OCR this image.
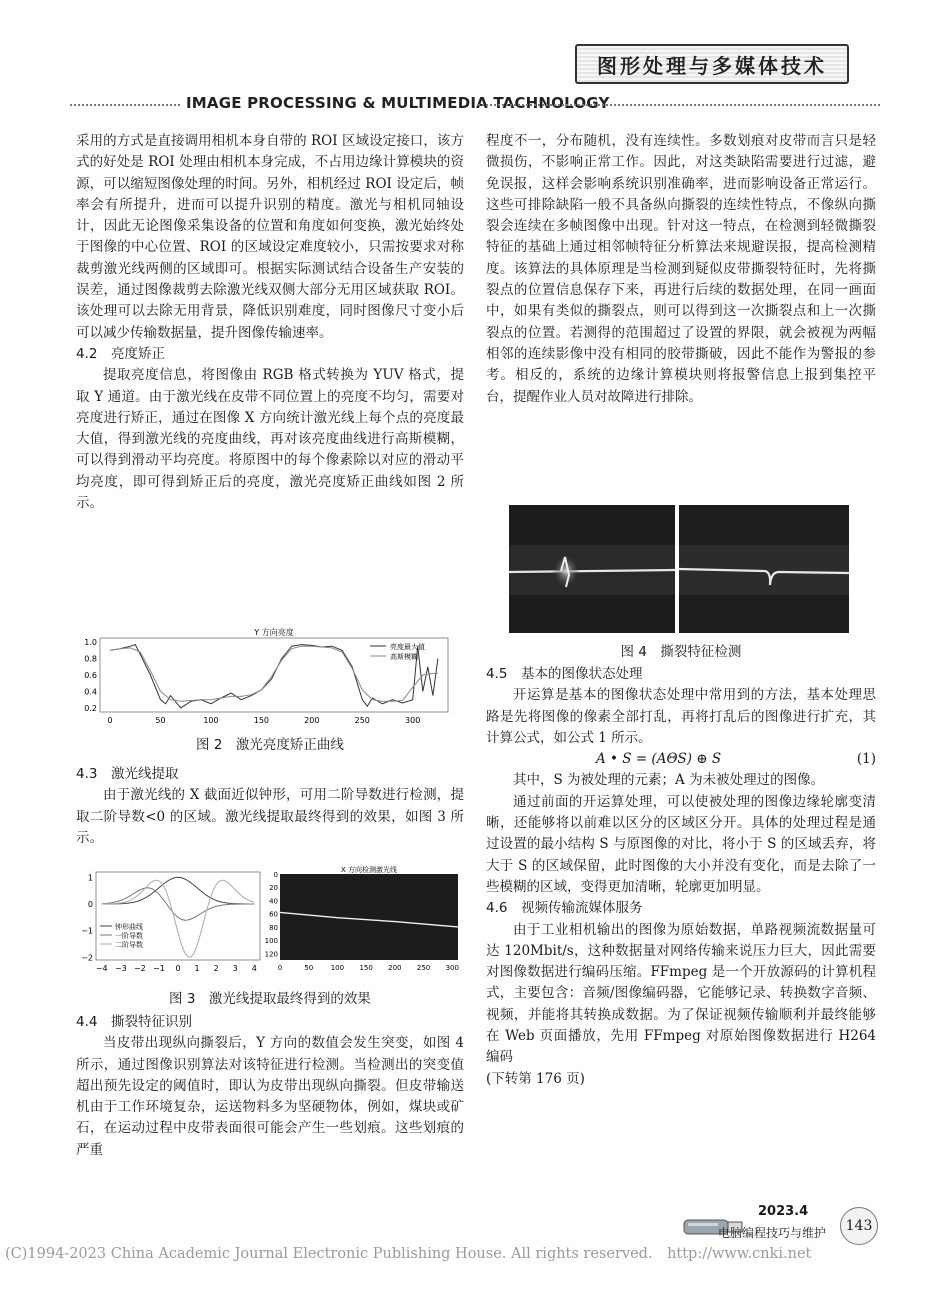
图形处理与多媒体技术
IMAGE PROCESSING & MULTIMEDIA TACHNOLOGY

采用的方式是直接调用相机本身自带的 ROI 区域设定接口，该方式的好处是 ROI 处理由相机本身完成，不占用边缘计算模块的资源，可以缩短图像处理的时间。另外，相机经过 ROI 设定后，帧率会有所提升，进而可以提升识别的精度。激光与相机同轴设计，因此无论图像采集设备的位置和角度如何变换，激光始终处于图像的中心位置、ROI 的区域设定难度较小，只需按要求对称裁剪激光线两侧的区域即可。根据实际测试结合设备生产安装的误差，通过图像裁剪去除激光线双侧大部分无用区域获取 ROI。该处理可以去除无用背景，降低识别难度，同时图像尺寸变小后可以减少传输数据量，提升图像传输速率。

4.2　亮度矫正

提取亮度信息，将图像由 RGB 格式转换为 YUV 格式，提取 Y 通道。由于激光线在皮带不同位置上的亮度不均匀，需要对亮度进行矫正，通过在图像 X 方向统计激光线上每个点的亮度最大值，得到激光线的亮度曲线，再对该亮度曲线进行高斯模糊，可以得到滑动平均亮度。将原图中的每个像素除以对应的滑动平均亮度，即可得到矫正后的亮度，激光亮度矫正曲线如图 2 所示。

Y 方向亮度
0	50	100	150	200	250	300
0.2
0.4
0.6
0.8
1.0	亮度最大值
高斯模糊
图 2　激光亮度矫正曲线
4.3　激光线提取

由于激光线的 X 截面近似钟形，可用二阶导数进行检测，提取二阶导数<0 的区域。激光线提取最终得到的效果，如图 3 所示。

−4 −3 −2 −1 0 1 2 3 4
1
0
−1
−2
钟形曲线
一阶导数
二阶导数
X 方向检测激光线
0	50	100 150 200 250 300
0
20
40
60
80
100
120
图 3　激光线提取最终得到的效果
4.4　撕裂特征识别

当皮带出现纵向撕裂后，Y 方向的数值会发生突变，如图 4 所示，通过图像识别算法对该特征进行检测。当检测出的突变值超出预先设定的阈值时，即认为皮带出现纵向撕裂。但皮带输送机由于工作环境复杂，运送物料多为坚硬物体，例如，煤块或矿石，在运动过程中皮带表面很可能会产生一些划痕。这些划痕的严重

程度不一，分布随机，没有连续性。多数划痕对皮带而言只是轻微损伤，不影响正常工作。因此，对这类缺陷需要进行过滤，避免误报，这样会影响系统识别准确率，进而影响设备正常运行。这些可排除缺陷一般不具备纵向撕裂的连续性特点，不像纵向撕裂会连续在多帧图像中出现。针对这一特点，在检测到轻微撕裂特征的基础上通过相邻帧特征分析算法来规避误报，提高检测精度。该算法的具体原理是当检测到疑似皮带撕裂特征时，先将撕裂点的位置信息保存下来，再进行后续的数据处理，在同一画面中，如果有类似的撕裂点，则可以得到这一次撕裂点和上一次撕裂点的位置。若测得的范围超过了设置的界限，就会被视为两幅相邻的连续影像中没有相同的胶带撕破，因此不能作为警报的参考。相反的，系统的边缘计算模块则将报警信息上报到集控平台，提醒作业人员对故障进行排除。

图 4　撕裂特征检测
4.5　基本的图像状态处理

开运算是基本的图像状态处理中常用到的方法，基本处理思路是先将图像的像素全部打乱，再将打乱后的图像进行扩充，其计算公式，如公式 1 所示。

A • S = (AΘS) ⊕ S	(1)

其中，S 为被处理的元素；A 为未被处理过的图像。

通过前面的开运算处理，可以使被处理的图像边缘轮廓变清晰，还能够将以前难以区分的区域区分开。具体的处理过程是通过设置的最小结构 S 与原图像的对比，将小于 S 的区域丢弃，将大于 S 的区域保留，此时图像的大小并没有变化，而是去除了一些模糊的区域，变得更加清晰，轮廓更加明显。

4.6　视频传输流媒体服务

由于工业相机输出的图像为原始数据，单路视频流数据量可达 120Mbit/s，这种数据量对网络传输来说压力巨大，因此需要对图像数据进行编码压缩。FFmpeg 是一个开放源码的计算机程式，主要包含：音频/图像编码器，它能够记录、转换数字音频、视频，并能将其转换成数据。为了保证视频传输顺利并最终能够在 Web 页面播放，先用 FFmpeg 对原始图像数据进行 H264 编码

(下转第 176 页)

2023.4
电脑编程技巧与维护	143
(C)1994-2023 China Academic Journal Electronic Publishing House. All rights reserved.　http://www.cnki.net
